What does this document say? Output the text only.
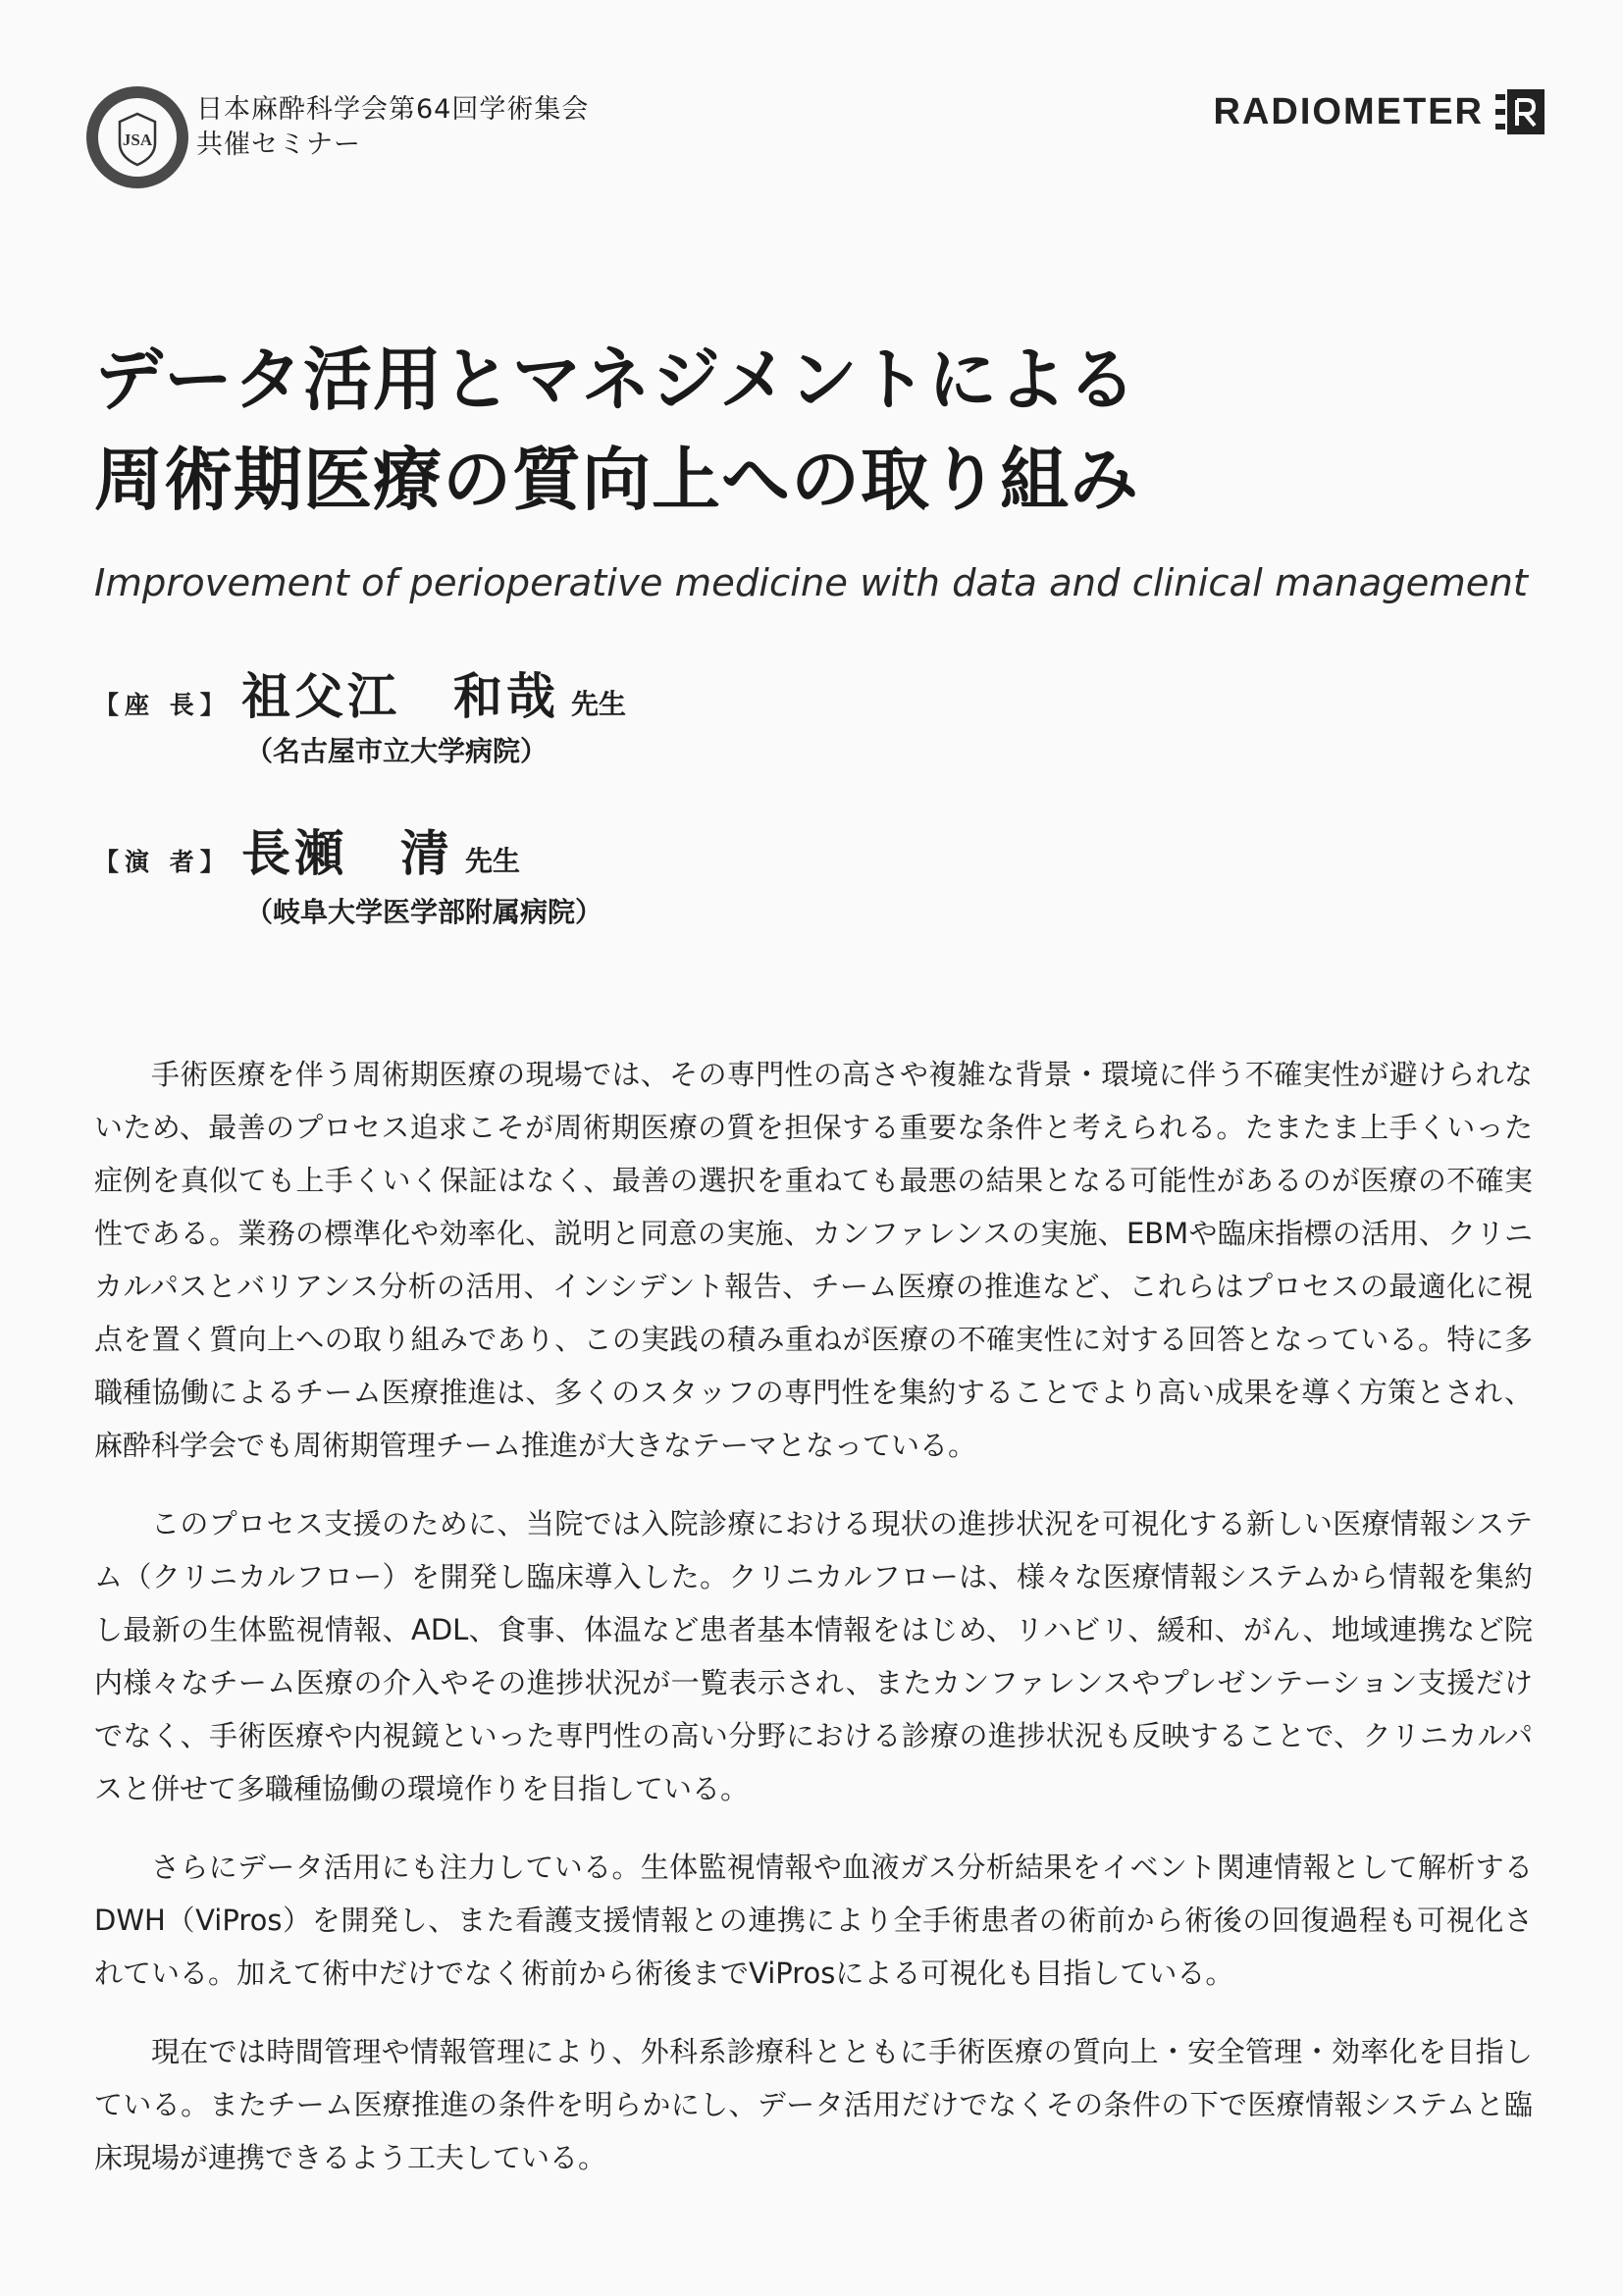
JSA
日本麻酔科学会第64回学術集会
共催セミナー
RADIOMETER
データ活用とマネジメントによる
周術期医療の質向上への取り組み
Improvement of perioperative medicine with data and clinical management
【座 長】 祖父江　和哉 先生
（名古屋市立大学病院）
【演 者】 長瀬　清 先生
（岐阜大学医学部附属病院）

手術医療を伴う周術期医療の現場では、その専門性の高さや複雑な背景・環境に伴う不確実性が避けられないため、最善のプロセス追求こそが周術期医療の質を担保する重要な条件と考えられる。たまたま上手くいった症例を真似ても上手くいく保証はなく、最善の選択を重ねても最悪の結果となる可能性があるのが医療の不確実性である。業務の標準化や効率化、説明と同意の実施、カンファレンスの実施、EBMや臨床指標の活用、クリニカルパスとバリアンス分析の活用、インシデント報告、チーム医療の推進など、これらはプロセスの最適化に視点を置く質向上への取り組みであり、この実践の積み重ねが医療の不確実性に対する回答となっている。特に多職種協働によるチーム医療推進は、多くのスタッフの専門性を集約することでより高い成果を導く方策とされ、麻酔科学会でも周術期管理チーム推進が大きなテーマとなっている。

このプロセス支援のために、当院では入院診療における現状の進捗状況を可視化する新しい医療情報システム（クリニカルフロー）を開発し臨床導入した。クリニカルフローは、様々な医療情報システムから情報を集約し最新の生体監視情報、ADL、食事、体温など患者基本情報をはじめ、リハビリ、緩和、がん、地域連携など院内様々なチーム医療の介入やその進捗状況が一覧表示され、またカンファレンスやプレゼンテーション支援だけでなく、手術医療や内視鏡といった専門性の高い分野における診療の進捗状況も反映することで、クリニカルパスと併せて多職種協働の環境作りを目指している。

さらにデータ活用にも注力している。生体監視情報や血液ガス分析結果をイベント関連情報として解析するDWH（ViPros）を開発し、また看護支援情報との連携により全手術患者の術前から術後の回復過程も可視化されている。加えて術中だけでなく術前から術後までViProsによる可視化も目指している。

現在では時間管理や情報管理により、外科系診療科とともに手術医療の質向上・安全管理・効率化を目指している。またチーム医療推進の条件を明らかにし、データ活用だけでなくその条件の下で医療情報システムと臨床現場が連携できるよう工夫している。
